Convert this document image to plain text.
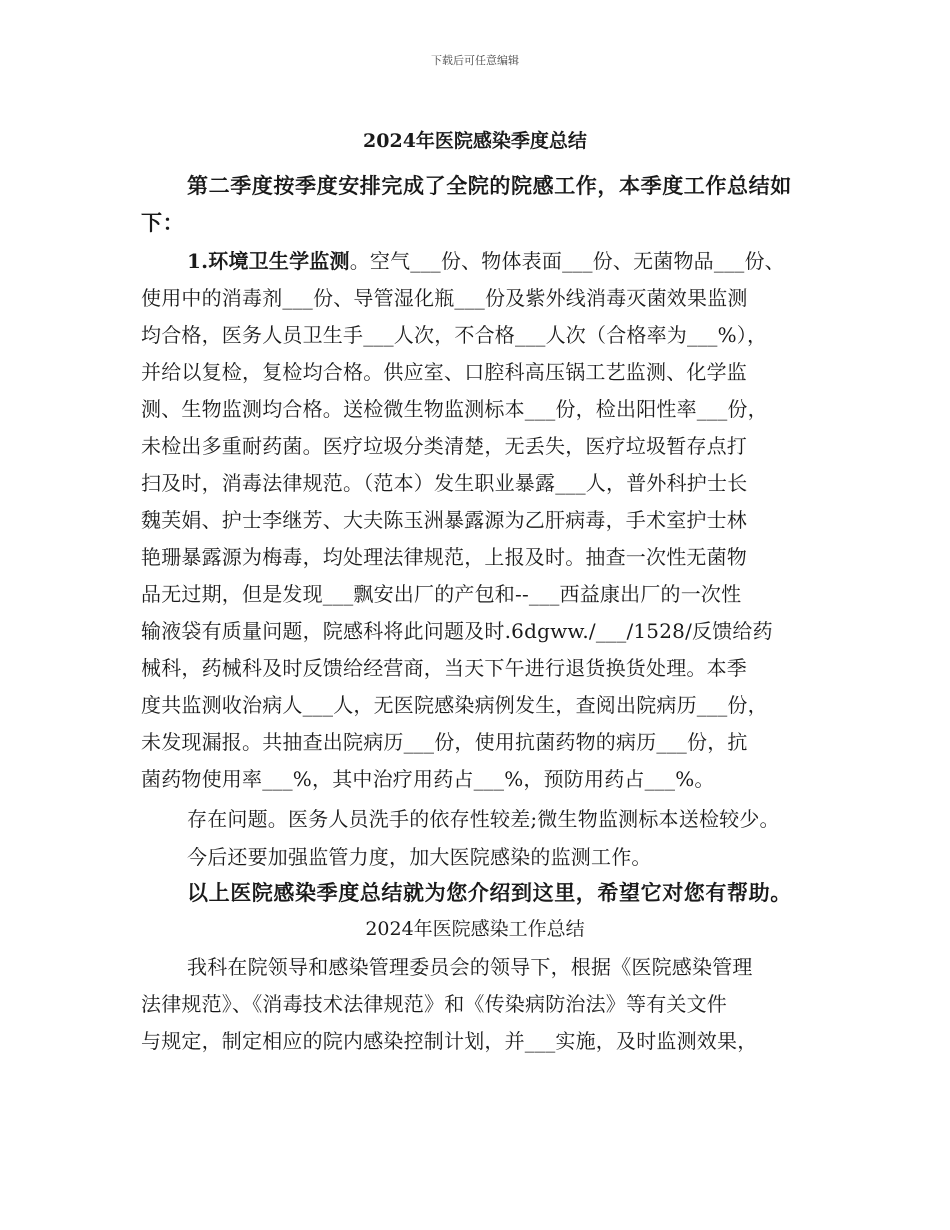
下载后可任意编辑
2024年医院感染季度总结
第二季度按季度安排完成了全院的院感工作，本季度工作总结如
下：
1.环境卫生学监测。空气___份、物体表面___份、无菌物品___份、
使用中的消毒剂___份、导管湿化瓶___份及紫外线消毒灭菌效果监测
均合格，医务人员卫生手___人次，不合格___人次（合格率为___%），
并给以复检，复检均合格。供应室、口腔科高压锅工艺监测、化学监
测、生物监测均合格。送检微生物监测标本___份，检出阳性率___份，
未检出多重耐药菌。医疗垃圾分类清楚，无丢失，医疗垃圾暂存点打
扫及时，消毒法律规范。（范本）发生职业暴露___人，普外科护士长
魏芙娟、护士李继芳、大夫陈玉洲暴露源为乙肝病毒，手术室护士林
艳珊暴露源为梅毒，均处理法律规范，上报及时。抽查一次性无菌物
品无过期，但是发现___飘安出厂的产包和--___西益康出厂的一次性
输液袋有质量问题，院感科将此问题及时.6dgww./___/1528/反馈给药
械科，药械科及时反馈给经营商，当天下午进行退货换货处理。本季
度共监测收治病人___人，无医院感染病例发生，查阅出院病历___份，
未发现漏报。共抽查出院病历___份，使用抗菌药物的病历___份，抗
菌药物使用率___%，其中治疗用药占___%，预防用药占___%。
存在问题。医务人员洗手的依存性较差;微生物监测标本送检较少。
今后还要加强监管力度，加大医院感染的监测工作。
以上医院感染季度总结就为您介绍到这里，希望它对您有帮助。
2024年医院感染工作总结
我科在院领导和感染管理委员会的领导下，根据《医院感染管理
法律规范》、《消毒技术法律规范》和《传染病防治法》等有关文件
与规定，制定相应的院内感染控制计划，并___实施，及时监测效果，
